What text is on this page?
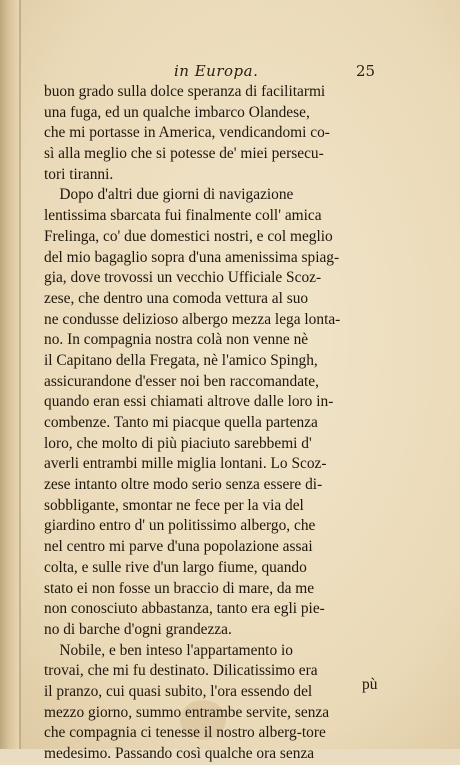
in Europa.	25
buon grado sulla dolce speranza di facilitarmi
una fuga, ed un qualche imbarco Olandese,
che mi portasse in America, vendicandomi co-
sì alla meglio che si potesse de' miei persecu-
tori tiranni.
Dopo d'altri due giorni di navigazione
lentissima sbarcata fui finalmente coll' amica
Frelinga, co' due domestici nostri, e col meglio
del mio bagaglio sopra d'una amenissima spiag-
gia, dove trovossi un vecchio Ufficiale Scoz-
zese, che dentro una comoda vettura al suo
ne condusse delizioso albergo mezza lega lonta-
no. In compagnia nostra colà non venne nè
il Capitano della Fregata, nè l'amico Spingh,
assicurandone d'esser noi ben raccomandate,
quando eran essi chiamati altrove dalle loro in-
combenze. Tanto mi piacque quella partenza
loro, che molto di più piaciuto sarebbemi d'
averli entrambi mille miglia lontani. Lo Scoz-
zese intanto oltre modo serio senza essere di-
sobbligante, smontar ne fece per la via del
giardino entro d' un politissimo albergo, che
nel centro mi parve d'una popolazione assai
colta, e sulle rive d'un largo fiume, quando
stato ei non fosse un braccio di mare, da me
non conosciuto abbastanza, tanto era egli pie-
no di barche d'ogni grandezza.
Nobile, e ben inteso l'appartamento io
trovai, che mi fu destinato. Dilicatissimo era
il pranzo, cui quasi subito, l'ora essendo del
mezzo giorno, summo entrambe servite, senza
che compagnia ci tenesse il nostro alberg-tore
medesimo. Passando così qualche ora senza
pù
